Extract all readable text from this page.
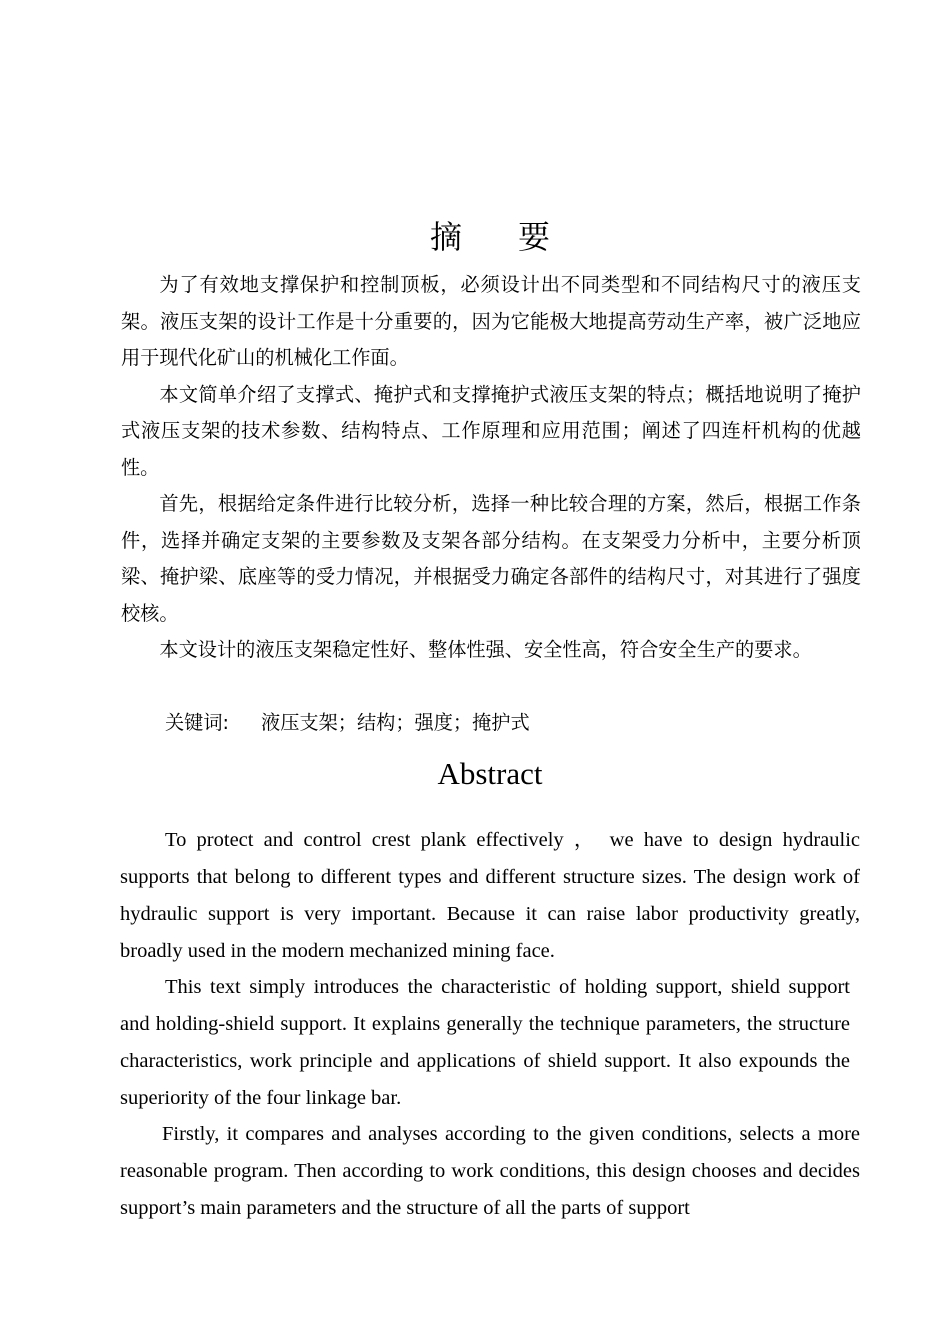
摘要

为了有效地支撑保护和控制顶板，必须设计出不同类型和不同结构尺寸的液压支架。液压支架的设计工作是十分重要的，因为它能极大地提高劳动生产率，被广泛地应用于现代化矿山的机械化工作面。

本文简单介绍了支撑式、掩护式和支撑掩护式液压支架的特点；概括地说明了掩护式液压支架的技术参数、结构特点、工作原理和应用范围；阐述了四连杆机构的优越性。

首先，根据给定条件进行比较分析，选择一种比较合理的方案，然后，根据工作条件，选择并确定支架的主要参数及支架各部分结构。在支架受力分析中，主要分析顶梁、掩护梁、底座等的受力情况，并根据受力确定各部件的结构尺寸，对其进行了强度校核。

本文设计的液压支架稳定性好、整体性强、安全性高，符合安全生产的要求。

关键词: 液压支架；结构；强度；掩护式
Abstract

To protect and control crest plank effectively ， we have to design hydraulic supports that belong to different types and different structure sizes. The design work of hydraulic support is very important. Because it can raise labor productivity greatly, broadly used in the modern mechanized mining face.

This text simply introduces the characteristic of holding support, shield support and holding-shield support. It explains generally the technique parameters, the structure characteristics, work principle and applications of shield support. It also expounds the superiority of the four linkage bar.

Firstly, it compares and analyses according to the given conditions, selects a more reasonable program. Then according to work conditions, this design chooses and decides support’s main parameters and the structure of all the parts of support
